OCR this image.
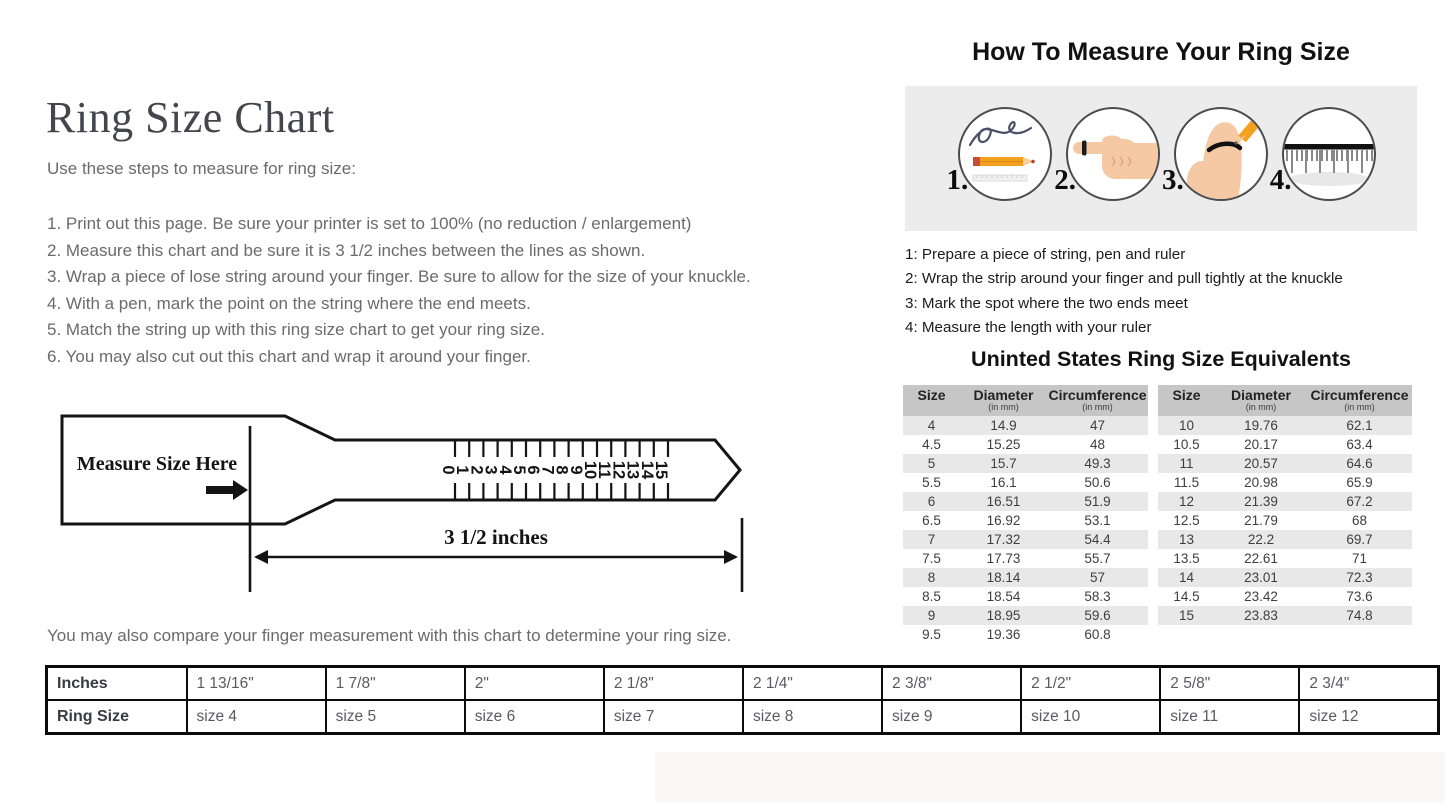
Ring Size Chart

Use these steps to measure for ring size:

1. Print out this page. Be sure your printer is set to 100% (no reduction / enlargement)
2. Measure this chart and be sure it is 3 1/2 inches between the lines as shown.
3. Wrap a piece of lose string around your finger. Be sure to allow for the size of your knuckle.
4. With a pen, mark the point on the string where the end meets.
5. Match the string up with this ring size chart to get your ring size.
6. You may also cut out this chart and wrap it around your finger.
Measure Size Here	0
1
2
3
4
5
6
7
8
9
10
11
12
13
14
15
3 1/2 inches

You may also compare your finger measurement with this chart to determine your ring size.

Inches	1 13/16"	1 7/8"	2"	2 1/8"	2 1/4"	2 3/8"	2 1/2"	2 5/8"	2 3/4"
Ring Size	size 4	size 5	size 6	size 7	size 8	size 9	size 10	size 11	size 12
How To Measure Your Ring Size
1.	2.	3.	4.
1: Prepare a piece of string, pen and ruler
2: Wrap the strip around your finger and pull tightly at the knuckle
3: Mark the spot where the two ends meet
4: Measure the length with your ruler
Uninted States Ring Size Equivalents
Size	Diameter
(in mm)

Circumference
(in mm)

4	14.9	47
4.5	15.25	48
5	15.7	49.3
5.5	16.1	50.6
6	16.51	51.9
6.5	16.92	53.1
7	17.32	54.4
7.5	17.73	55.7
8	18.14	57
8.5	18.54	58.3
9	18.95	59.6
9.5	19.36	60.8
Size	Diameter
(in mm)

Circumference
(in mm)

10	19.76	62.1
10.5	20.17	63.4
11	20.57	64.6
11.5	20.98	65.9
12	21.39	67.2
12.5	21.79	68
13	22.2	69.7
13.5	22.61	71
14	23.01	72.3
14.5	23.42	73.6
15	23.83	74.8
